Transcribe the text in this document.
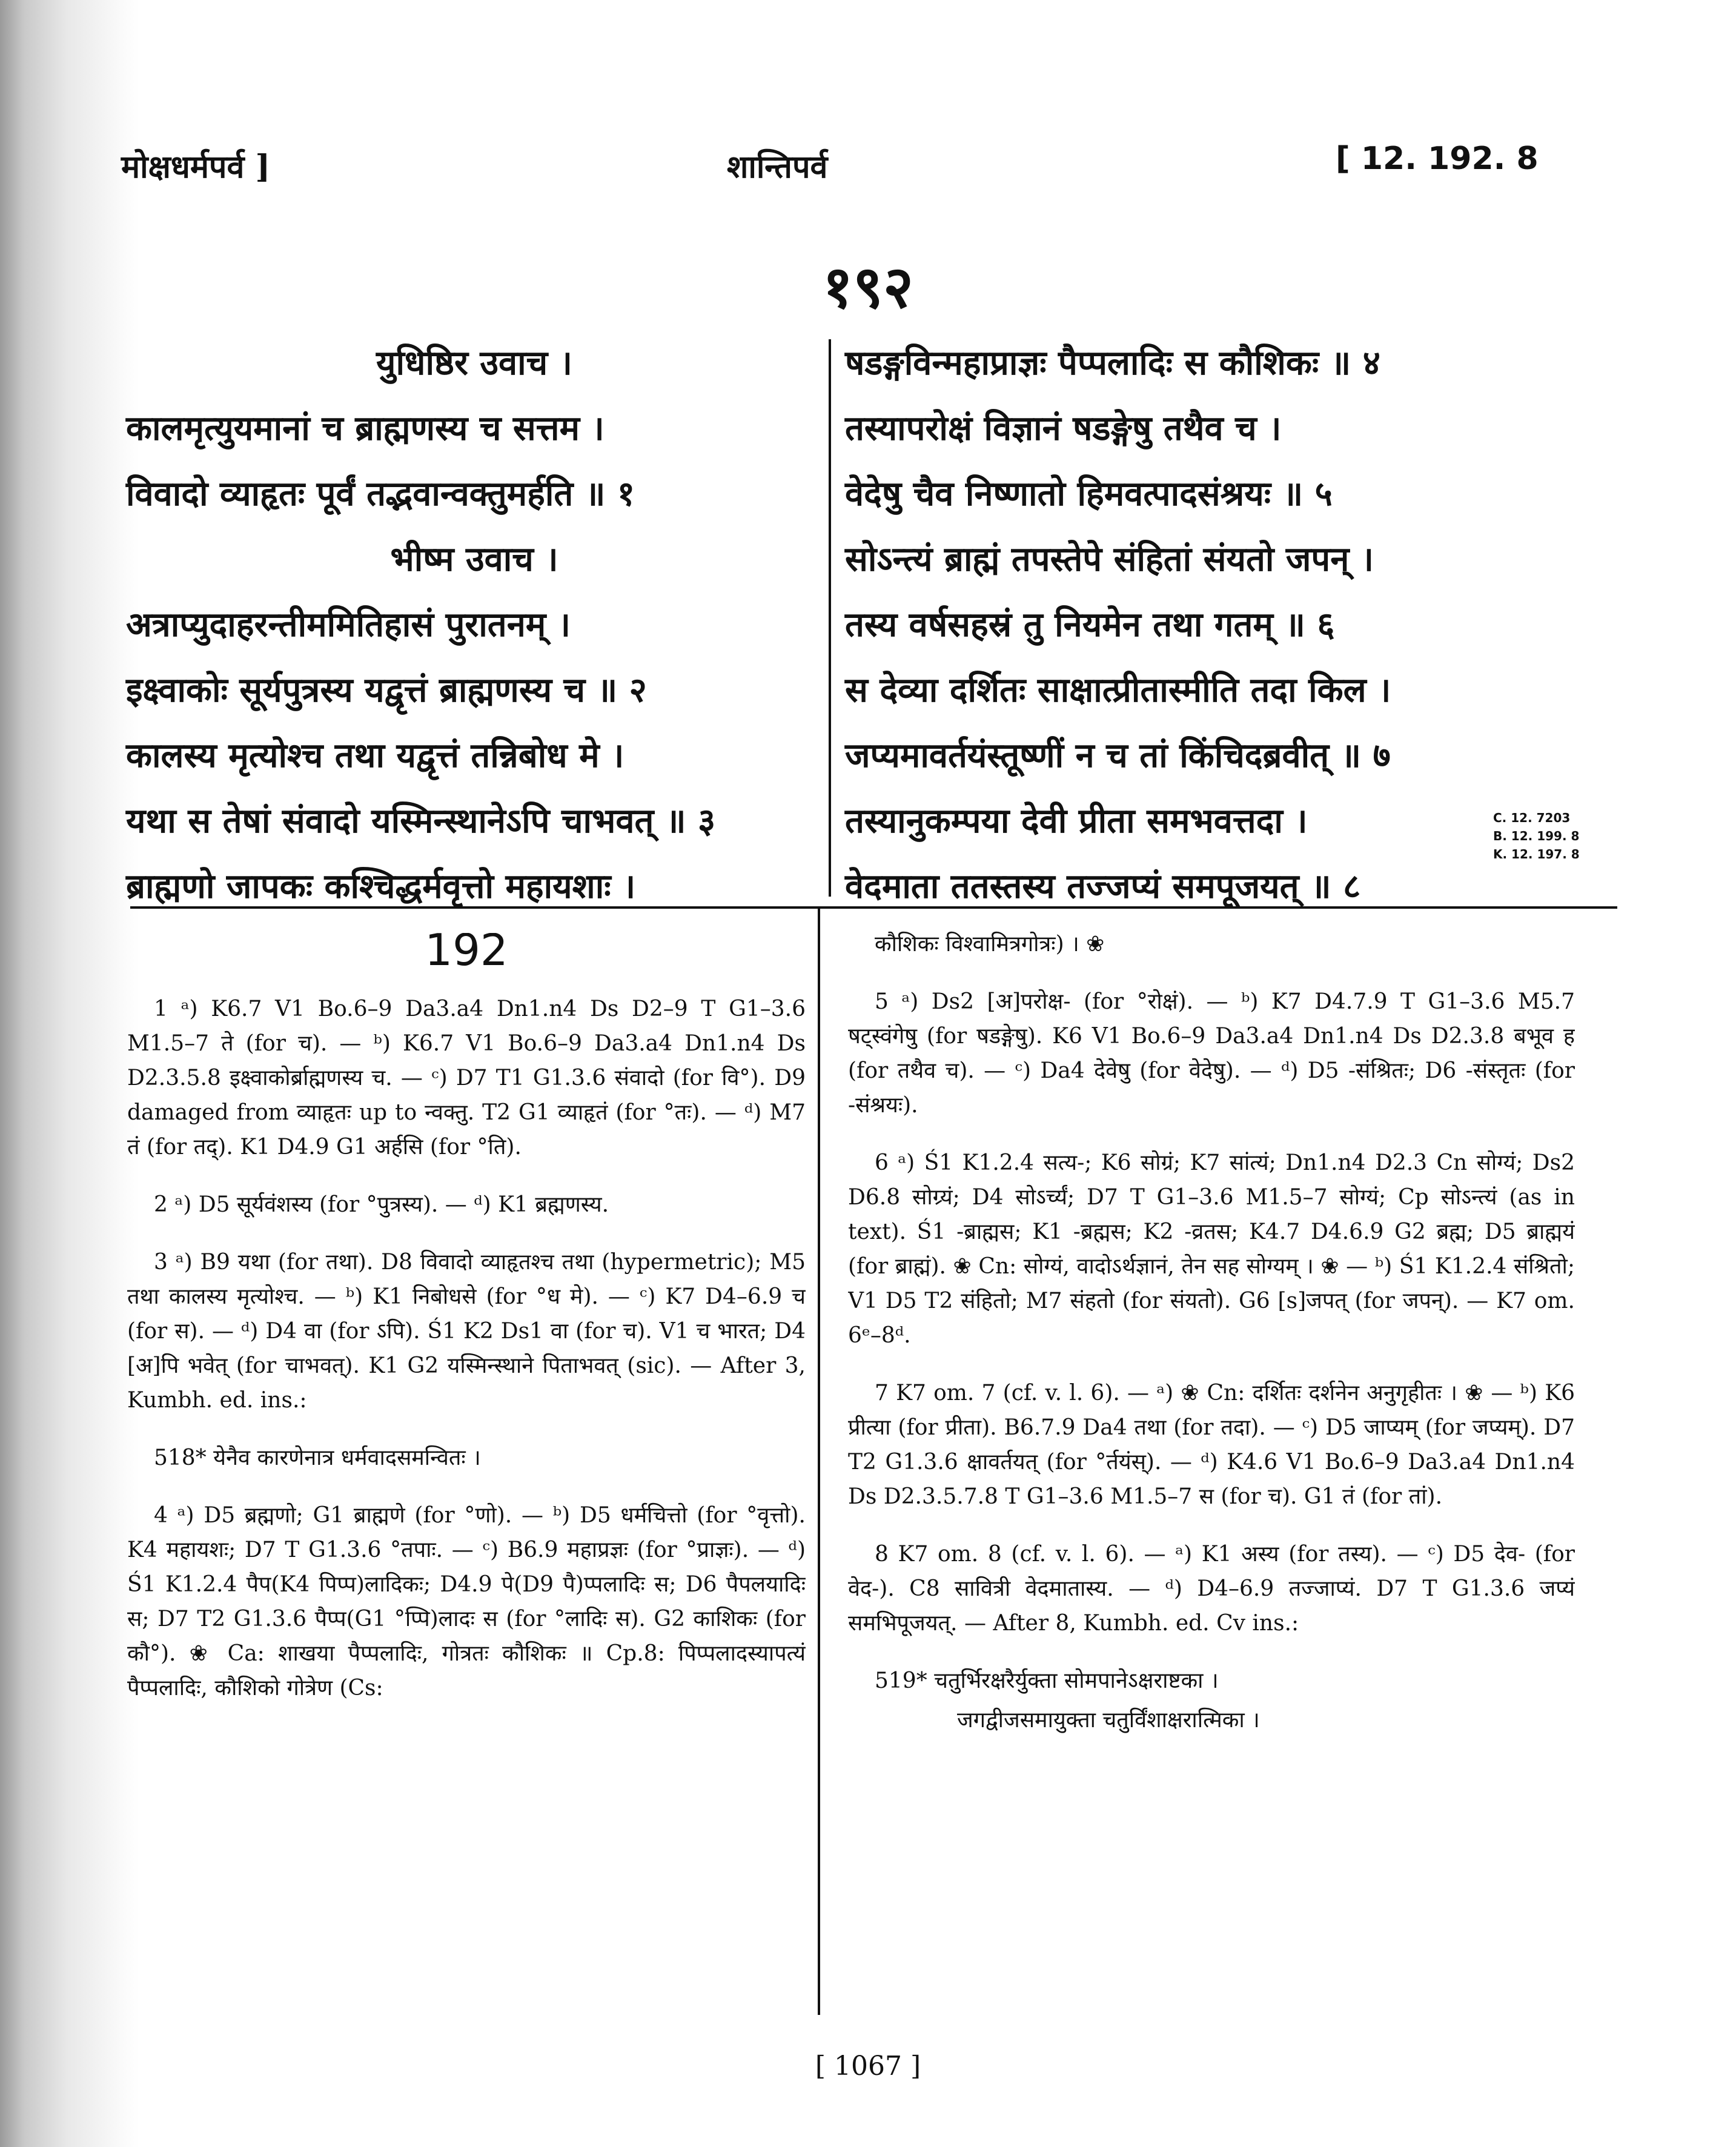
मोक्षधर्मपर्व ]	शान्तिपर्व	[ 12. 192. 8
१९२
युधिष्ठिर उवाच ।
कालमृत्युयमानां च ब्राह्मणस्य च सत्तम ।
विवादो व्याहृतः पूर्वं तद्भवान्वक्तुमर्हति ॥ १
भीष्म उवाच ।
अत्राप्युदाहरन्तीममितिहासं पुरातनम् ।
इक्ष्वाकोः सूर्यपुत्रस्य यद्वृत्तं ब्राह्मणस्य च ॥ २
कालस्य मृत्योश्च तथा यद्वृत्तं तन्निबोध मे ।
यथा स तेषां संवादो यस्मिन्स्थानेऽपि चाभवत् ॥ ३
ब्राह्मणो जापकः कश्चिद्धर्मवृत्तो महायशाः ।
षडङ्गविन्महाप्राज्ञः पैप्पलादिः स कौशिकः ॥ ४
तस्यापरोक्षं विज्ञानं षडङ्गेषु तथैव च ।
वेदेषु चैव निष्णातो हिमवत्पादसंश्रयः ॥ ५
सोऽन्त्यं ब्राह्मं तपस्तेपे संहितां संयतो जपन् ।
तस्य वर्षसहस्रं तु नियमेन तथा गतम् ॥ ६
स देव्या दर्शितः साक्षात्प्रीतास्मीति तदा किल ।
जप्यमावर्तयंस्तूष्णीं न च तां किंचिदब्रवीत् ॥ ७
तस्यानुकम्पया देवी प्रीता समभवत्तदा ।
वेदमाता ततस्तस्य तज्जप्यं समपूजयत् ॥ ८
C. 12. 7203
B. 12. 199. 8
K. 12. 197. 8
192

1 ᵃ) K6.7 V1 Bo.6–9 Da3.a4 Dn1.n4 Ds D2–9 T G1–3.6 M1.5–7 ते (for च). — ᵇ) K6.7 V1 Bo.6–9 Da3.a4 Dn1.n4 Ds D2.3.5.8 इक्ष्वाकोर्ब्राह्मणस्य च. — ᶜ) D7 T1 G1.3.6 संवादो (for वि°). D9 damaged from व्याहृतः up to न्वक्तु. T2 G1 व्याहृतं (for °तः). — ᵈ) M7 तं (for तद्). K1 D4.9 G1 अर्हसि (for °ति).

2 ᵃ) D5 सूर्यवंशस्य (for °पुत्रस्य). — ᵈ) K1 ब्रह्मणस्य.

3 ᵃ) B9 यथा (for तथा). D8 विवादो व्याहृतश्च तथा (hypermetric); M5 तथा कालस्य मृत्योश्च. — ᵇ) K1 निबोधसे (for °ध मे). — ᶜ) K7 D4–6.9 च (for स). — ᵈ) D4 वा (for ऽपि). Ś1 K2 Ds1 वा (for च). V1 च भारत; D4 [अ]पि भवेत् (for चाभवत्). K1 G2 यस्मिन्स्थाने पिताभवत् (sic). — After 3, Kumbh. ed. ins.:

518* येनैव कारणेनात्र धर्मवादसमन्वितः ।

4 ᵃ) D5 ब्रह्मणो; G1 ब्राह्मणे (for °णो). — ᵇ) D5 धर्मचित्तो (for °वृत्तो). K4 महायशः; D7 T G1.3.6 °तपाः. — ᶜ) B6.9 महाप्रज्ञः (for °प्राज्ञः). — ᵈ) Ś1 K1.2.4 पैप(K4 पिप्प)लादिकः; D4.9 पे(D9 पै)प्पलादिः स; D6 पैपलयादिः स; D7 T2 G1.3.6 पैप्प(G1 °प्पि)लादः स (for °लादिः स). G2 काशिकः (for कौ°). ❀ Ca: शाखया पैप्पलादिः, गोत्रतः कौशिकः ॥ Cp.8: पिप्पलादस्यापत्यं पैप्पलादिः, कौशिको गोत्रेण (Cs:

कौशिकः विश्वामित्रगोत्रः) । ❀

5 ᵃ) Ds2 [अ]परोक्ष- (for °रोक्षं). — ᵇ) K7 D4.7.9 T G1–3.6 M5.7 षट्स्वंगेषु (for षडङ्गेषु). K6 V1 Bo.6–9 Da3.a4 Dn1.n4 Ds D2.3.8 बभूव ह (for तथैव च). — ᶜ) Da4 देवेषु (for वेदेषु). — ᵈ) D5 -संश्रितः; D6 -संस्तृतः (for -संश्रयः).

6 ᵃ) Ś1 K1.2.4 सत्य-; K6 सोग्रं; K7 सांत्यं; Dn1.n4 D2.3 Cn सोग्यं; Ds2 D6.8 सोग्र्यं; D4 सोऽर्च्यं; D7 T G1–3.6 M1.5–7 सोग्यं; Cp सोऽन्त्यं (as in text). Ś1 -ब्राह्मस; K1 -ब्रह्मस; K2 -व्रतस; K4.7 D4.6.9 G2 ब्रह्म; D5 ब्राह्मयं (for ब्राह्मं). ❀ Cn: सोग्यं, वादोऽर्थज्ञानं, तेन सह सोग्यम् । ❀ — ᵇ) Ś1 K1.2.4 संश्रितो; V1 D5 T2 संहितो; M7 संहतो (for संयतो). G6 [s]जपत् (for जपन्). — K7 om. 6ᵉ–8ᵈ.

7 K7 om. 7 (cf. v. l. 6). — ᵃ) ❀ Cn: दर्शितः दर्शनेन अनुगृहीतः । ❀ — ᵇ) K6 प्रीत्या (for प्रीता). B6.7.9 Da4 तथा (for तदा). — ᶜ) D5 जाप्यम् (for जप्यम्). D7 T2 G1.3.6 क्षावर्तयत् (for °र्तयंस्). — ᵈ) K4.6 V1 Bo.6–9 Da3.a4 Dn1.n4 Ds D2.3.5.7.8 T G1–3.6 M1.5–7 स (for च). G1 तं (for तां).

8 K7 om. 8 (cf. v. l. 6). — ᵃ) K1 अस्य (for तस्य). — ᶜ) D5 देव- (for वेद-). C8 सावित्री वेदमातास्य. — ᵈ) D4–6.9 तज्जाप्यं. D7 T G1.3.6 जप्यं समभिपूजयत्. — After 8, Kumbh. ed. Cv ins.:

519* चतुर्भिरक्षरैर्युक्ता सोमपानेऽक्षराष्टका ।

जगद्वीजसमायुक्ता चतुर्विंशाक्षरात्मिका ।

[ 1067 ]
